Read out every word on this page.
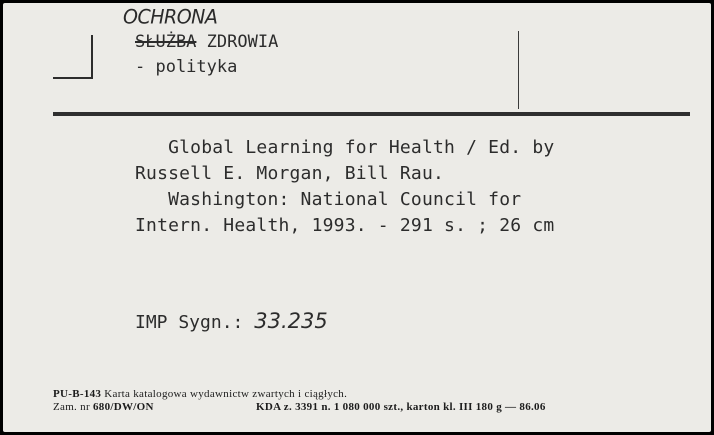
OCHRONA
SŁUŻBA ZDROWIA
- polityka
Global Learning for Health / Ed. by
Russell E. Morgan, Bill Rau.
Washington: National Council for
Intern. Health, 1993. - 291 s. ; 26 cm
IMP Sygn.: 33.235
PU-B-143 Karta katalogowa wydawnictw zwartych i ciągłych.
Zam. nr 680/DW/ON	KDA z. 3391 n. 1 080 000 szt., karton kl. III 180 g — 86.06
